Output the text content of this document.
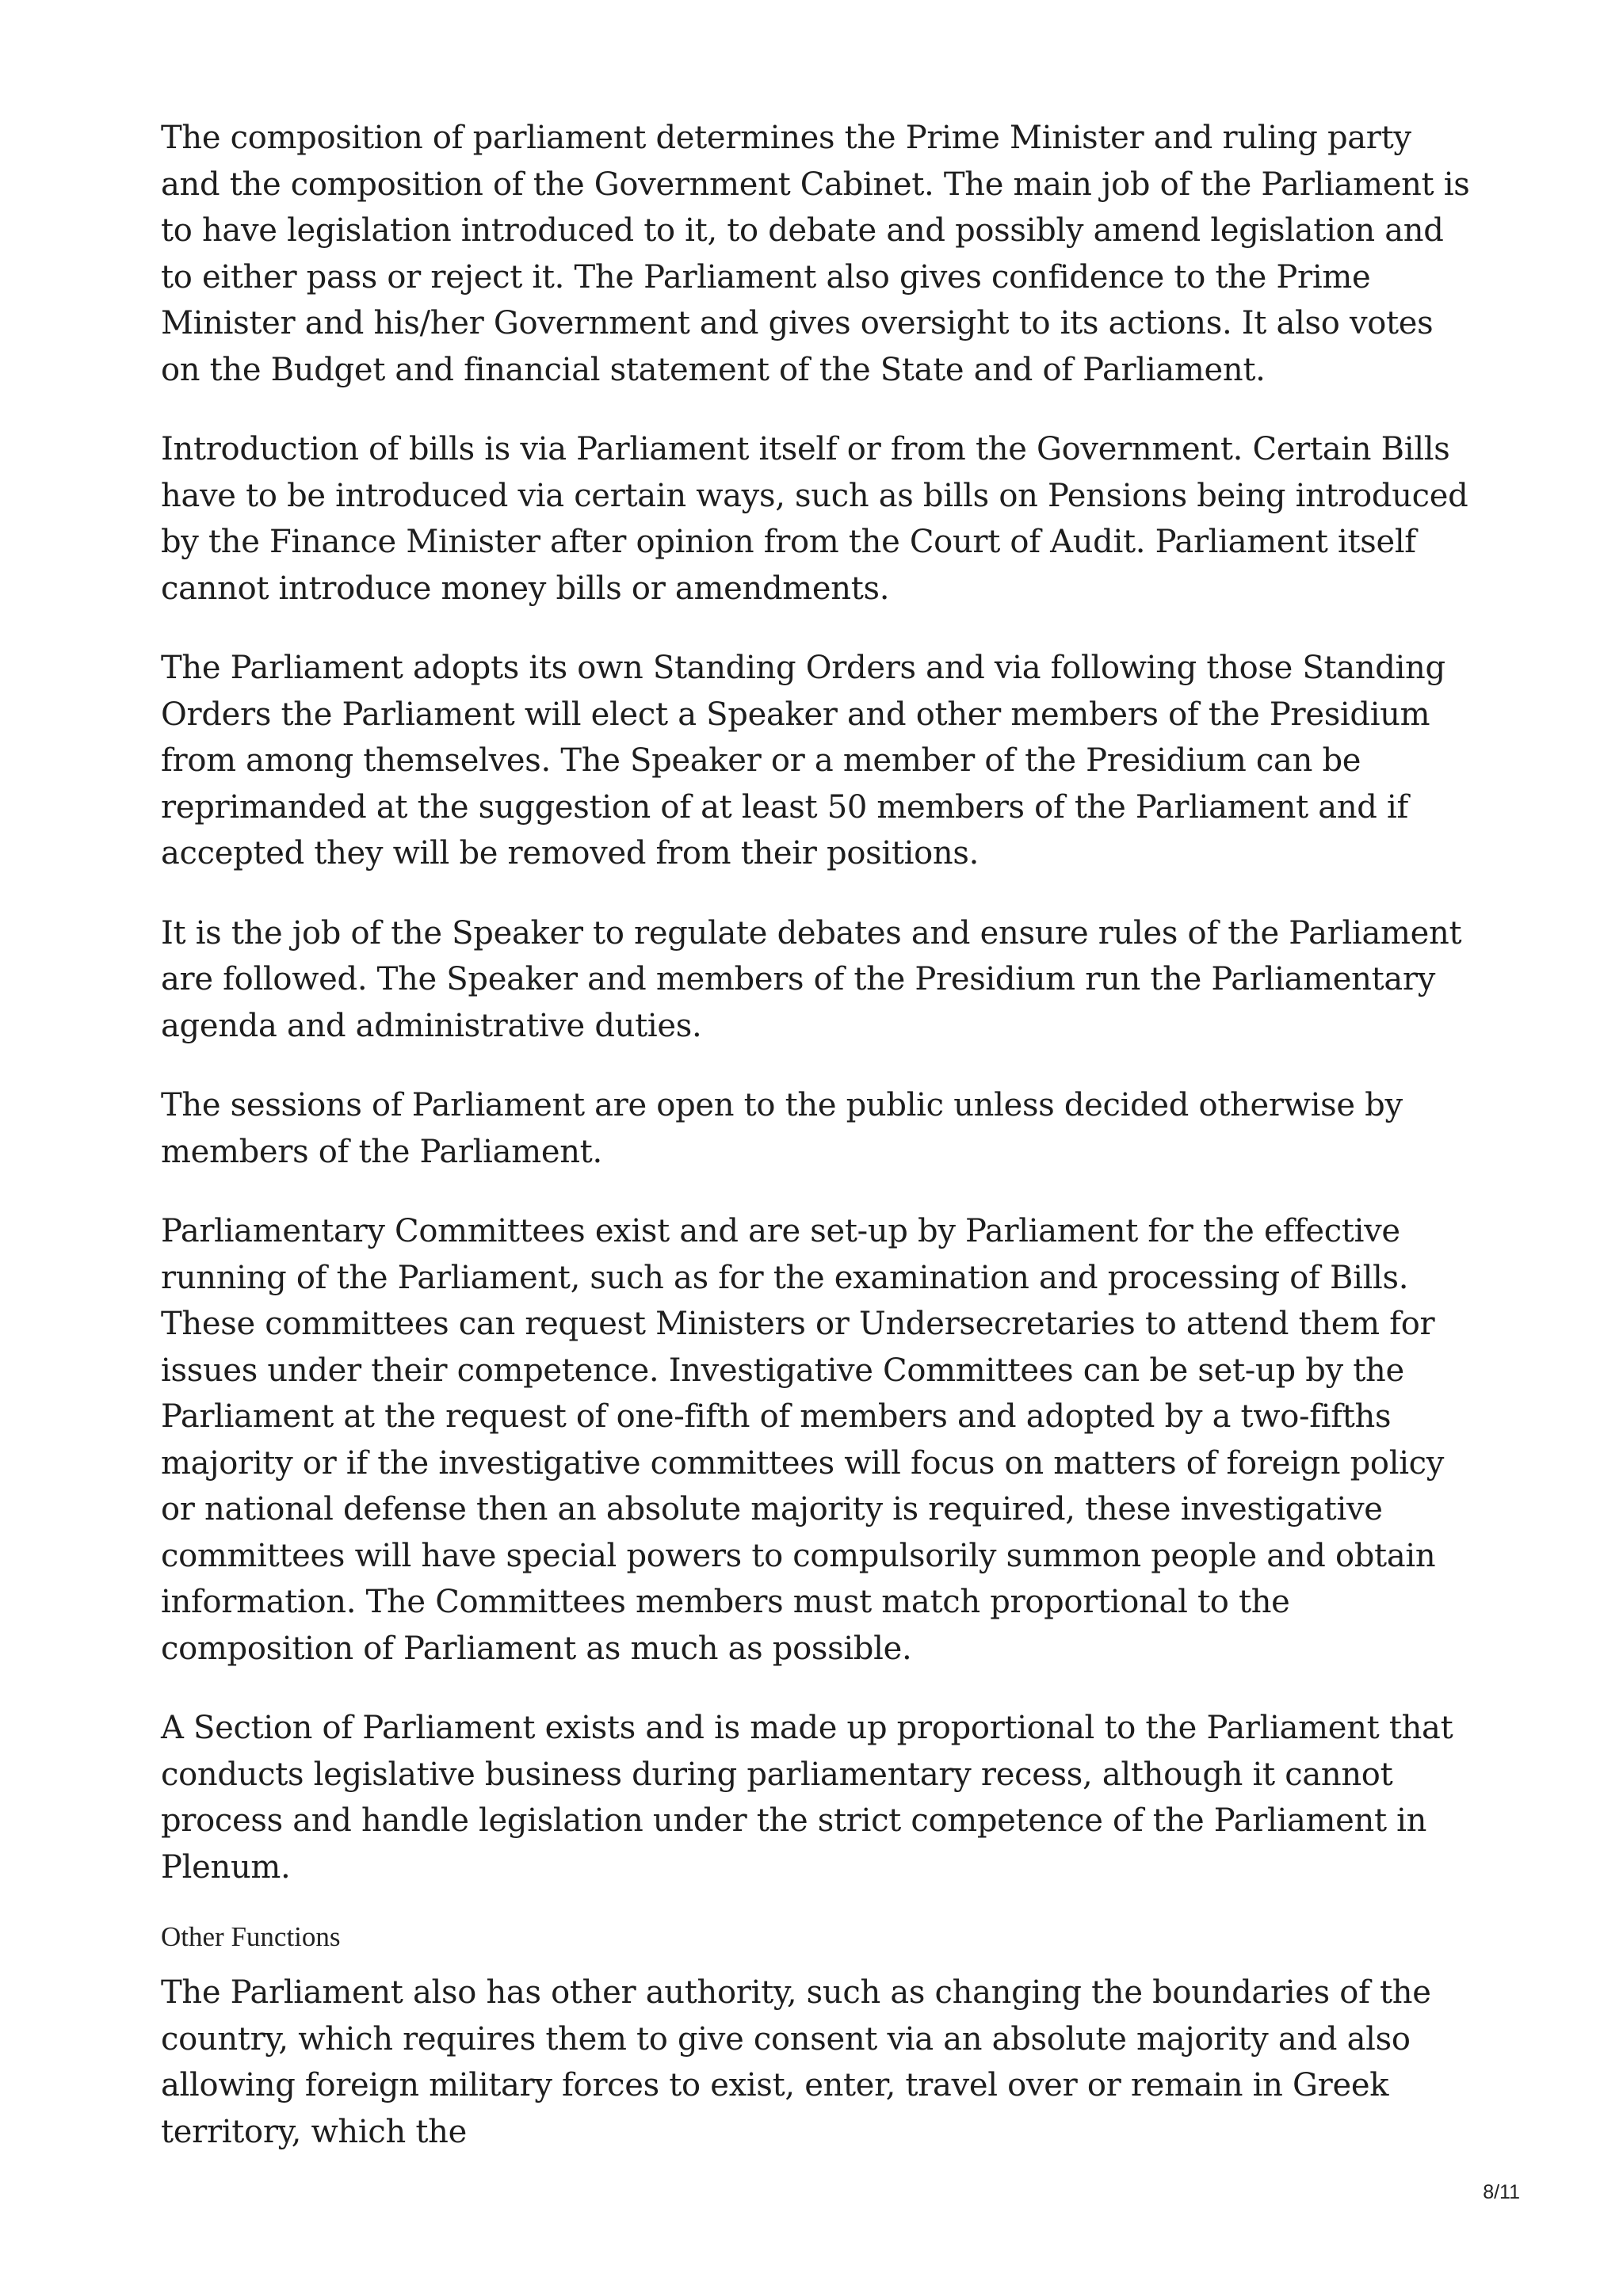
The composition of parliament determines the Prime Minister and ruling party and the composition of the Government Cabinet. The main job of the Parliament is to have legislation introduced to it, to debate and possibly amend legislation and to either pass or reject it. The Parliament also gives confidence to the Prime Minister and his/her Government and gives oversight to its actions. It also votes on the Budget and financial statement of the State and of Parliament.

Introduction of bills is via Parliament itself or from the Government. Certain Bills have to be introduced via certain ways, such as bills on Pensions being introduced by the Finance Minister after opinion from the Court of Audit. Parliament itself cannot introduce money bills or amendments.

The Parliament adopts its own Standing Orders and via following those Standing Orders the Parliament will elect a Speaker and other members of the Presidium from among themselves. The Speaker or a member of the Presidium can be reprimanded at the suggestion of at least 50 members of the Parliament and if accepted they will be removed from their positions.

It is the job of the Speaker to regulate debates and ensure rules of the Parliament are followed. The Speaker and members of the Presidium run the Parliamentary agenda and administrative duties.

The sessions of Parliament are open to the public unless decided otherwise by members of the Parliament.

Parliamentary Committees exist and are set-up by Parliament for the effective running of the Parliament, such as for the examination and processing of Bills. These committees can request Ministers or Undersecretaries to attend them for issues under their competence. Investigative Committees can be set-up by the Parliament at the request of one-fifth of members and adopted by a two-fifths majority or if the investigative committees will focus on matters of foreign policy or national defense then an absolute majority is required, these investigative committees will have special powers to compulsorily summon people and obtain information. The Committees members must match proportional to the composition of Parliament as much as possible.

A Section of Parliament exists and is made up proportional to the Parliament that conducts legislative business during parliamentary recess, although it cannot process and handle legislation under the strict competence of the Parliament in Plenum.

Other Functions

The Parliament also has other authority, such as changing the boundaries of the country, which requires them to give consent via an absolute majority and also allowing foreign military forces to exist, enter, travel over or remain in Greek territory, which the

8/11
